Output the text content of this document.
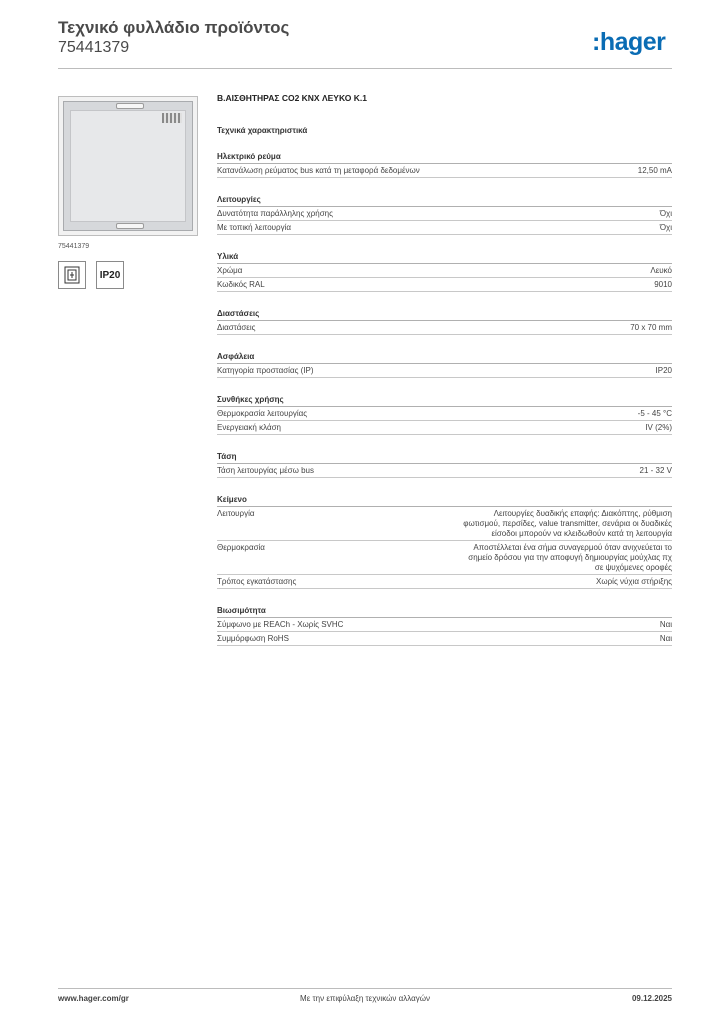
Τεχνικό φυλλάδιο προϊόντος
75441379	:hager
75441379
IP20
Β.ΑΙΣΘΗΤΗΡΑΣ CO2 KNX ΛΕΥΚΟ Κ.1
Τεχνικά χαρακτηριστικά
Ηλεκτρικό ρεύμα
Κατανάλωση ρεύματος bus κατά τη μεταφορά δεδομένων	12,50 mA
Λειτουργίες
Δυνατότητα παράλληλης χρήσης	Όχι
Με τοπική λειτουργία	Όχι
Υλικά
Χρώμα	Λευκό
Κωδικός RAL	9010
Διαστάσεις
Διαστάσεις	70 x 70 mm
Ασφάλεια
Κατηγορία προστασίας (IP)	IP20
Συνθήκες χρήσης
Θερμοκρασία λειτουργίας	-5 - 45 °C
Ενεργειακή κλάση	IV (2%)
Τάση
Τάση λειτουργίας μέσω bus	21 - 32 V
Κείμενο
Λειτουργία	Λειτουργίες δυαδικής επαφής: Διακόπτης, ρύθμιση φωτισμού, περσίδες, value transmitter, σενάρια οι δυαδικές είσοδοι μπορούν να κλειδωθούν κατά τη λειτουργία
Θερμοκρασία	Αποστέλλεται ένα σήμα συναγερμού όταν ανιχνεύεται το σημείο δρόσου για την αποφυγή δημιουργίας μούχλας πχ σε ψυχόμενες οροφές
Τρόπος εγκατάστασης	Χωρίς νύχια στήριξης
Βιωσιμότητα
Σύμφωνο με REACh - Χωρίς SVHC	Ναι
Συμμόρφωση RoHS	Ναι
www.hager.com/gr	Με την επιφύλαξη τεχνικών αλλαγών	09.12.2025
